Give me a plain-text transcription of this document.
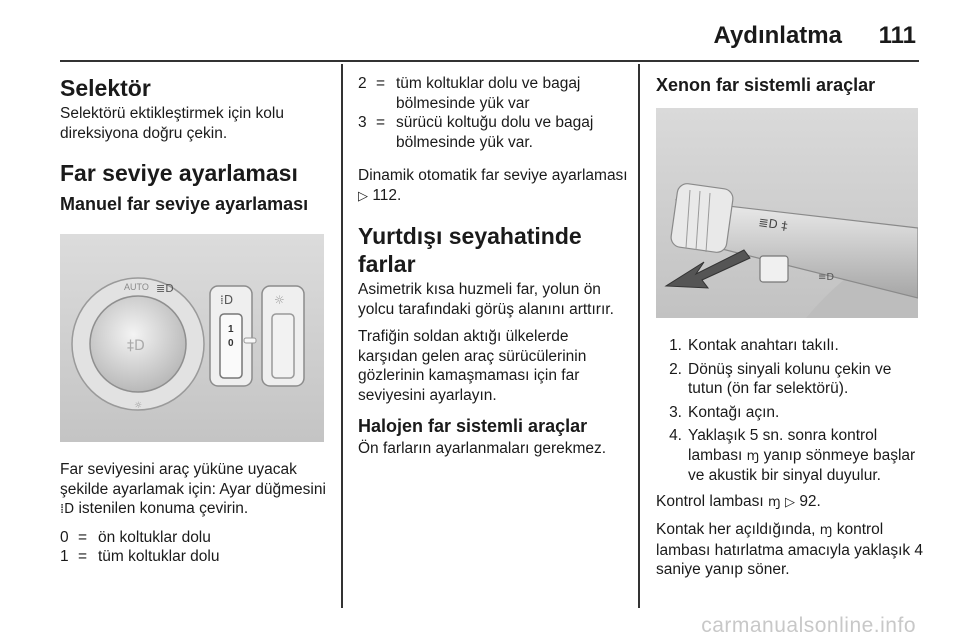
Aydınlatma 111
Selektör

Selektörü ektikleştirmek için kolu direksiyona doğru çekin.

Far seviye ayarlaması
Manuel far seviye ayarlaması
AUTO ≣D
‡D
1
0
⁞D	☼
☼

Far seviyesini araç yüküne uyacak şekilde ayarlamak için: Ayar düğmesini ⁞D istenilen konuma çevirin.

0 = ön koltuklar dolu
1 = tüm koltuklar dolu
2 = tüm koltuklar dolu ve bagaj bölmesinde yük var
3 = sürücü koltuğu dolu ve bagaj bölmesinde yük var.

Dinamik otomatik far seviye ayarlaması ▷ 112.

Yurtdışı seyahatinde farlar

Asimetrik kısa huzmeli far, yolun ön yolcu tarafındaki görüş alanını arttırır.

Trafiğin soldan aktığı ülkelerde karşıdan gelen araç sürücülerinin gözlerinin kamaşmaması için far seviyesini ayarlayın.

Halojen far sistemli araçlar

Ön farların ayarlanmaları gerekmez.

Xenon far sistemli araçlar
≣D ‡
≡D
1. Kontak anahtarı takılı.
2. Dönüş sinyali kolunu çekin ve tutun (ön far selektörü).
3. Kontağı açın.
4. Yaklaşık 5 sn. sonra kontrol lambası ɱ yanıp sönmeye başlar ve akustik bir sinyal duyulur.

Kontrol lambası ɱ ▷ 92.

Kontak her açıldığında, ɱ kontrol lambası hatırlatma amacıyla yaklaşık 4 saniye yanıp söner.

carmanualsonline.info
